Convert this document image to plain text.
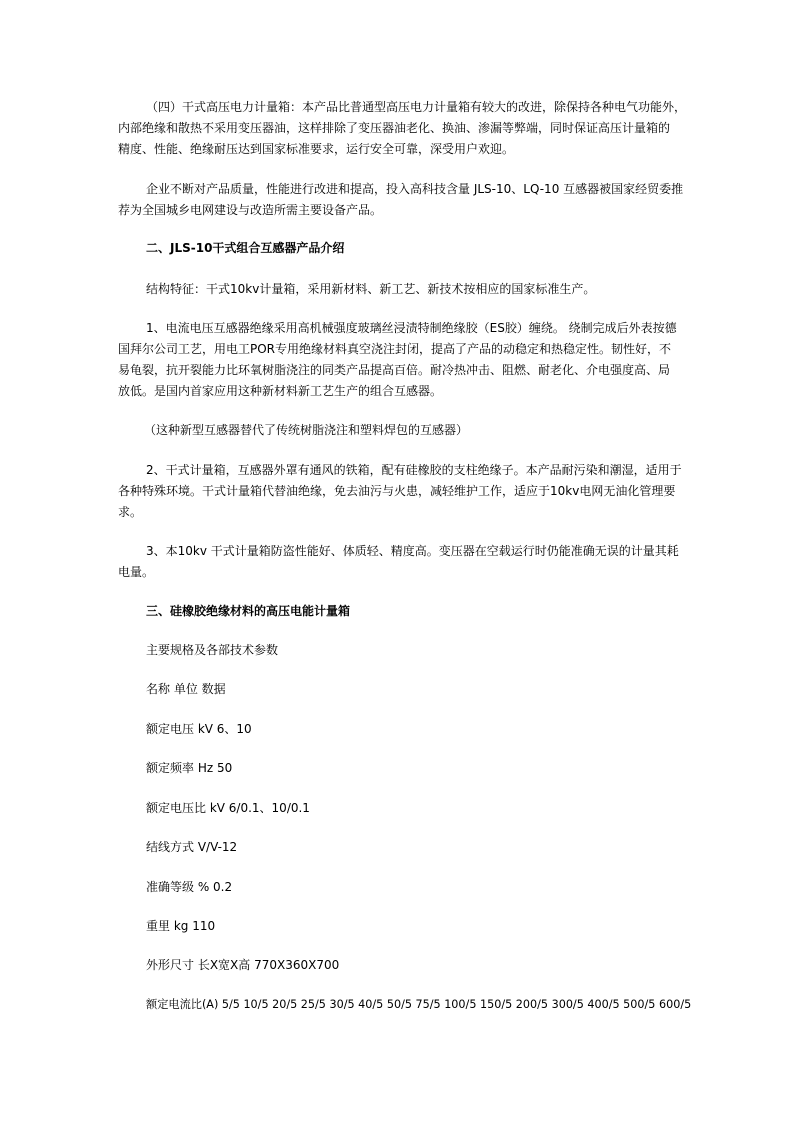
（四）干式高压电力计量箱：本产品比普通型高压电力计量箱有较大的改进，除保持各种电气功能外，
内部绝缘和散热不采用变压器油，这样排除了变压器油老化、换油、渗漏等弊端，同时保证高压计量箱的
精度、性能、绝缘耐压达到国家标准要求，运行安全可靠，深受用户欢迎。
企业不断对产品质量，性能进行改进和提高，投入高科技含量 JLS-10、LQ-10 互感器被国家经贸委推
荐为全国城乡电网建设与改造所需主要设备产品。
二、JLS-10干式组合互感器产品介绍
结构特征：干式10kv计量箱，采用新材料、新工艺、新技术按相应的国家标准生产。
1、电流电压互感器绝缘采用高机械强度玻璃丝浸渍特制绝缘胶（ES胶）缠绕。 绕制完成后外表按德
国拜尔公司工艺，用电工POR专用绝缘材料真空浇注封闭，提高了产品的动稳定和热稳定性。韧性好，不
易龟裂，抗开裂能力比环氧树脂浇注的同类产品提高百倍。耐冷热冲击、阻燃、耐老化、介电强度高、局
放低。是国内首家应用这种新材料新工艺生产的组合互感器。
（这种新型互感器替代了传统树脂浇注和塑料焊包的互感器）
2、干式计量箱，互感器外罩有通风的铁箱，配有硅橡胶的支柱绝缘子。本产品耐污染和潮湿，适用于
各种特殊环境。干式计量箱代替油绝缘，免去油污与火患，减轻维护工作，适应于10kv电网无油化管理要
求。
3、本10kv 干式计量箱防盗性能好、体质轻、精度高。变压器在空载运行时仍能准确无误的计量其耗
电量。
三、硅橡胶绝缘材料的高压电能计量箱
主要规格及各部技术参数
名称 单位 数据
额定电压 kV 6、10
额定频率 Hz 50
额定电压比 kV 6/0.1、10/0.1
结线方式 V/V-12
准确等级 % 0.2
重里 kg 110
外形尺寸 长X宽X高 770X360X700
额定电流比(A) 5/5 10/5 20/5 25/5 30/5 40/5 50/5 75/5 100/5 150/5 200/5 300/5 400/5 500/5 600/5
